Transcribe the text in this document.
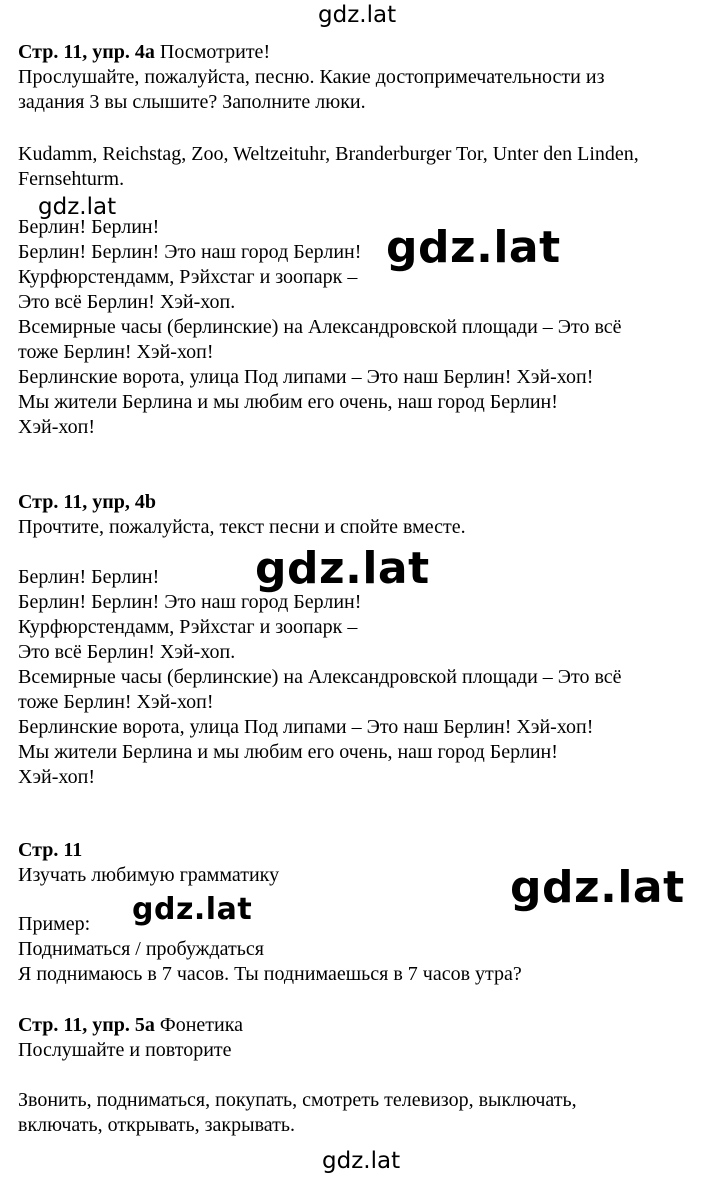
gdz.lat
gdz.lat
gdz.lat
gdz.lat
gdz.lat
gdz.lat
gdz.lat
Стр. 11, упр. 4a Посмотрите!
Прослушайте, пожалуйста, песню. Какие достопримечательности из
задания 3 вы слышите? Заполните люки.
Kudamm, Reichstag, Zoo, Weltzeituhr, Branderburger Tor, Unter den Linden,
Fernsehturm.
Берлин! Берлин!
Берлин! Берлин! Это наш город Берлин!
Курфюрстендамм, Рэйхстаг и зоопарк –
Это всё Берлин! Хэй-хоп.
Всемирные часы (берлинские) на Александровской площади – Это всё
тоже Берлин! Хэй-хоп!
Берлинские ворота, улица Под липами – Это наш Берлин! Хэй-хоп!
Мы жители Берлина и мы любим его очень, наш город Берлин!
Хэй-хоп!
Стр. 11, упр, 4b
Прочтите, пожалуйста, текст песни и спойте вместе.
Берлин! Берлин!
Берлин! Берлин! Это наш город Берлин!
Курфюрстендамм, Рэйхстаг и зоопарк –
Это всё Берлин! Хэй-хоп.
Всемирные часы (берлинские) на Александровской площади – Это всё
тоже Берлин! Хэй-хоп!
Берлинские ворота, улица Под липами – Это наш Берлин! Хэй-хоп!
Мы жители Берлина и мы любим его очень, наш город Берлин!
Хэй-хоп!
Стр. 11
Изучать любимую грамматику
Пример:
Подниматься / пробуждаться
Я поднимаюсь в 7 часов. Ты поднимаешься в 7 часов утра?
Стр. 11, упр. 5а Фонетика
Послушайте и повторите
Звонить, подниматься, покупать, смотреть телевизор, выключать,
включать, открывать, закрывать.
